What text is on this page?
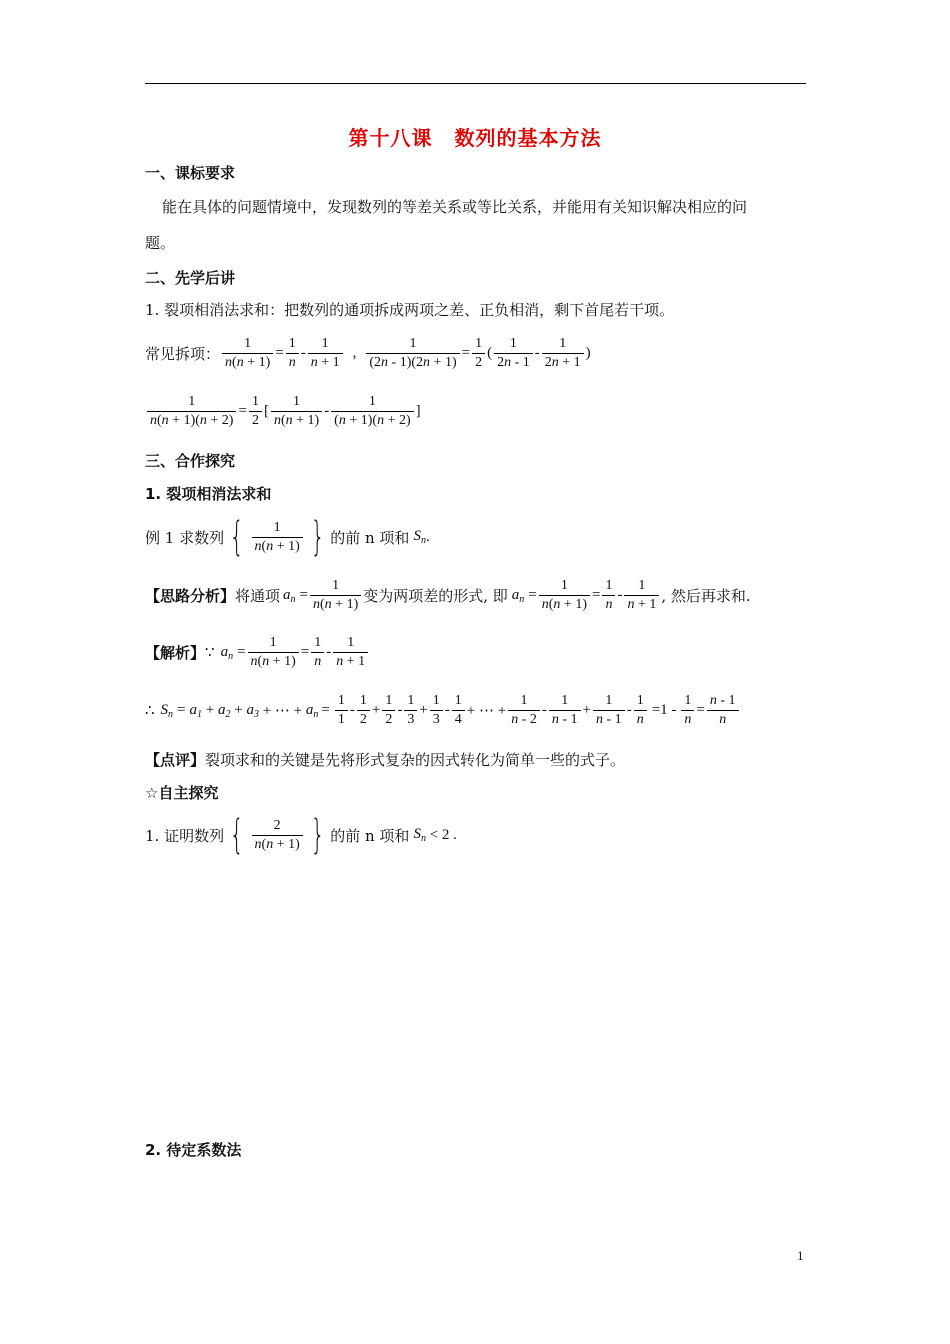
第十八课 数列的基本方法
一、课标要求
能在具体的问题情境中，发现数列的等差关系或等比关系，并能用有关知识解决相应的问
题。
二、先学后讲
1. 裂项相消法求和：把数列的通项拆成两项之差、正负相消，剩下首尾若干项。
常见拆项： $\frac{1}{n(n + 1)} = \frac{1}{n} - \frac{1}{n + 1}$ , $\frac{1}{(2n - 1)(2n + 1)} = \frac{1}{2}$ ( $\frac{1}{2n - 1} - \frac{1}{2n + 1}$ )
$\frac{1}{n(n + 1)(n + 2)} = \frac{1}{2}$ [ $\frac{1}{n(n + 1)} - \frac{1}{(n + 1)(n + 2)}$ ]
三、合作探究
1. 裂项相消法求和
例 1 求数列 { $\frac{1}{n(n + 1)}$ } 的前 n 项和 $S_n$ .
【思路分析】 将通项 $a_n = \frac{1}{n(n + 1)}$ 变为两项差的形式, 即 $a_n = \frac{1}{n(n + 1)} = \frac{1}{n} - \frac{1}{n + 1}$ , 然后再求和.
【解析】 ∵ $a_n = \frac{1}{n(n + 1)} = \frac{1}{n} - \frac{1}{n + 1}$
∴ $S_n = a_1 + a_2 + a_3$ + ⋯ + $a_n = \frac{1}{1} - \frac{1}{2} + \frac{1}{2} - \frac{1}{3} + \frac{1}{3} - \frac{1}{4}$ + ⋯ + $\frac{1}{n - 2} - \frac{1}{n - 1} + \frac{1}{n - 1} - \frac{1}{n} =1 - \frac{1}{n} = \frac{n - 1}{n}$
【点评】 裂项求和的关键是先将形式复杂的因式转化为简单一些的式子。
☆自主探究
1. 证明数列 { $\frac{2}{n(n + 1)}$ } 的前 n 项和 $S_n < 2$ .
2. 待定系数法
1
